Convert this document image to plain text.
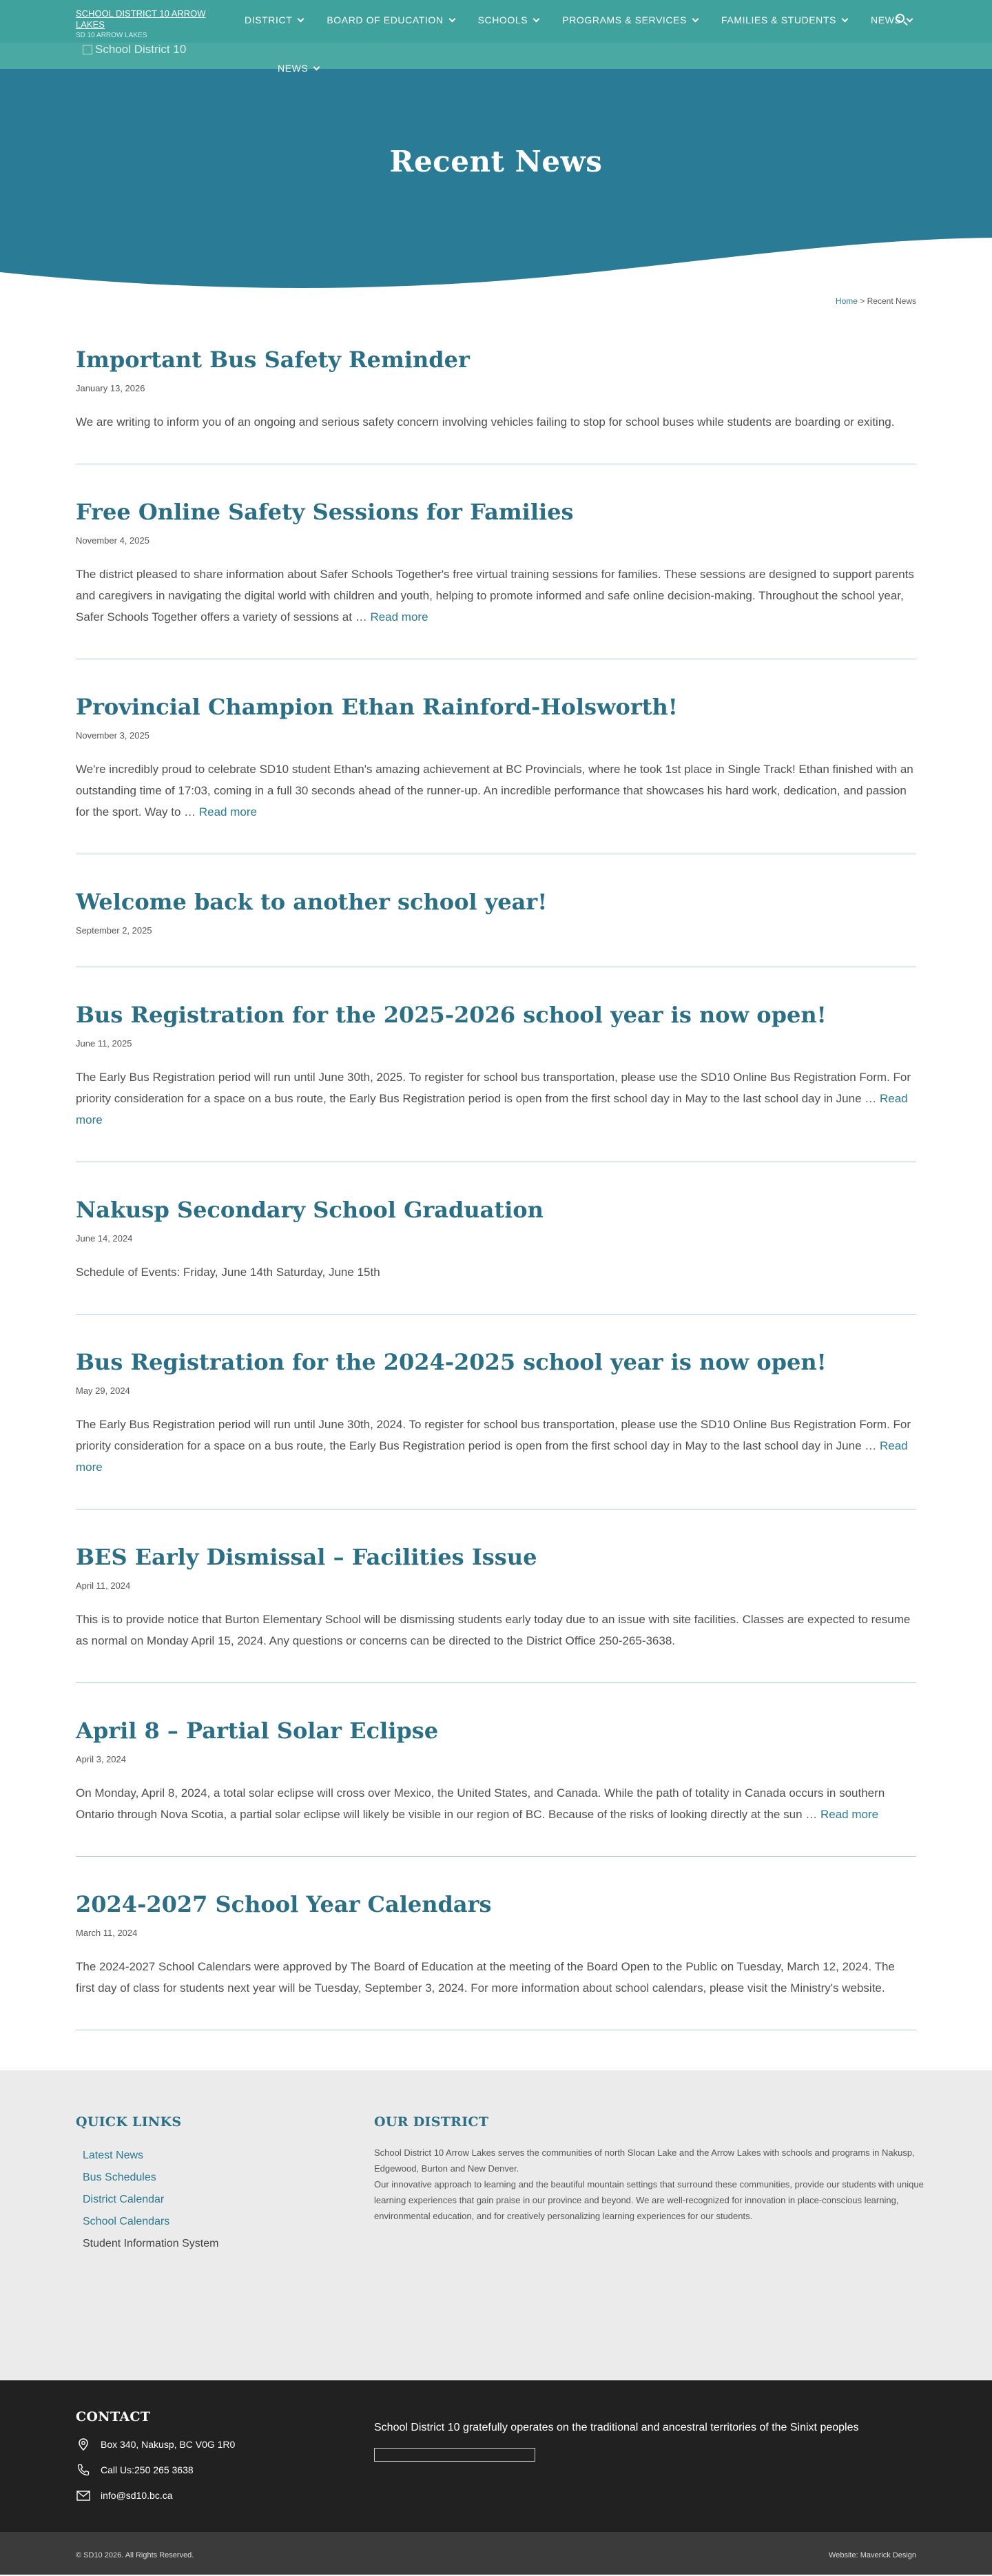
SCHOOL DISTRICT 10 ARROW LAKES
SD 10 ARROW LAKES
School District 10
DISTRICT	BOARD OF EDUCATION	SCHOOLS	PROGRAMS & SERVICES	FAMILIES & STUDENTS	NEWS
NEWS
Recent News
Home > Recent News
Important Bus Safety Reminder
January 13, 2026

We are writing to inform you of an ongoing and serious safety concern involving vehicles failing to stop for school buses while students are boarding or exiting.

Free Online Safety Sessions for Families
November 4, 2025

The district pleased to share information about Safer Schools Together's free virtual training sessions for families. These sessions are designed to support parents and caregivers in navigating the digital world with children and youth, helping to promote informed and safe online decision-making. Throughout the school year, Safer Schools Together offers a variety of sessions at … Read more

Provincial Champion Ethan Rainford-Holsworth!
November 3, 2025

We're incredibly proud to celebrate SD10 student Ethan's amazing achievement at BC Provincials, where he took 1st place in Single Track! Ethan finished with an outstanding time of 17:03, coming in a full 30 seconds ahead of the runner-up. An incredible performance that showcases his hard work, dedication, and passion for the sport. Way to … Read more

Welcome back to another school year!
September 2, 2025
Bus Registration for the 2025-2026 school year is now open!
June 11, 2025

The Early Bus Registration period will run until June 30th, 2025. To register for school bus transportation, please use the SD10 Online Bus Registration Form. For priority consideration for a space on a bus route, the Early Bus Registration period is open from the first school day in May to the last school day in June … Read more

Nakusp Secondary School Graduation
June 14, 2024

Schedule of Events: Friday, June 14th Saturday, June 15th

Bus Registration for the 2024-2025 school year is now open!
May 29, 2024

The Early Bus Registration period will run until June 30th, 2024. To register for school bus transportation, please use the SD10 Online Bus Registration Form. For priority consideration for a space on a bus route, the Early Bus Registration period is open from the first school day in May to the last school day in June … Read more

BES Early Dismissal – Facilities Issue
April 11, 2024

This is to provide notice that Burton Elementary School will be dismissing students early today due to an issue with site facilities. Classes are expected to resume as normal on Monday April 15, 2024. Any questions or concerns can be directed to the District Office 250-265-3638.

April 8 – Partial Solar Eclipse
April 3, 2024

On Monday, April 8, 2024, a total solar eclipse will cross over Mexico, the United States, and Canada. While the path of totality in Canada occurs in southern Ontario through Nova Scotia, a partial solar eclipse will likely be visible in our region of BC. Because of the risks of looking directly at the sun … Read more

2024-2027 School Year Calendars
March 11, 2024

The 2024-2027 School Calendars were approved by The Board of Education at the meeting of the Board Open to the Public on Tuesday, March 12, 2024. The first day of class for students next year will be Tuesday, September 3, 2024. For more information about school calendars, please visit the Ministry's website.

QUICK LINKS
Latest News
Bus Schedules
District Calendar
School Calendars
Student Information System
OUR DISTRICT

School District 10 Arrow Lakes serves the communities of north Slocan Lake and the Arrow Lakes with schools and programs in Nakusp, Edgewood, Burton and New Denver.

Our innovative approach to learning and the beautiful mountain settings that surround these communities, provide our students with unique learning experiences that gain praise in our province and beyond. We are well-recognized for innovation in place-conscious learning, environmental education, and for creatively personalizing learning experiences for our students.

CONTACT
Box 340, Nakusp, BC V0G 1R0
Call Us: 250 265 3638
info@sd10.bc.ca
School District 10 gratefully operates on the traditional and ancestral territories of the Sinixt peoples
© SD10 2026. All Rights Reserved.	Website: Maverick Design
